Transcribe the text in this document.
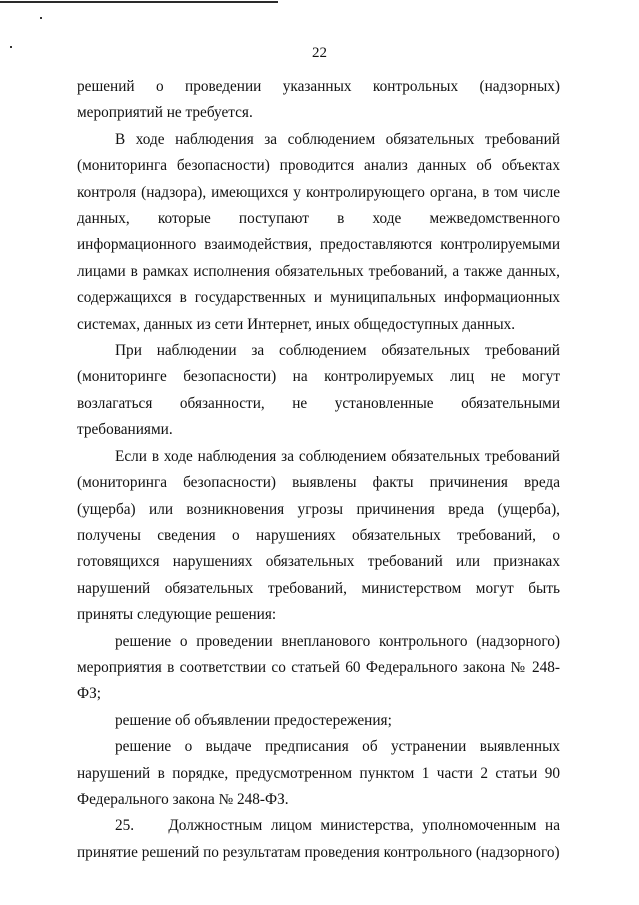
22

решений о проведении указанных контрольных (надзорных) мероприятий не требуется.

В ходе наблюдения за соблюдением обязательных требований (мониторинга безопасности) проводится анализ данных об объектах контроля (надзора), имеющихся у контролирующего органа, в том числе данных, которые поступают в ходе межведомственного информационного взаимодействия, предоставляются контролируемыми лицами в рамках исполнения обязательных требований, а также данных, содержащихся в государственных и муниципальных информационных системах, данных из сети Интернет, иных общедоступных данных.

При наблюдении за соблюдением обязательных требований (мониторинге безопасности) на контролируемых лиц не могут возлагаться обязанности, не установленные обязательными требованиями.

Если в ходе наблюдения за соблюдением обязательных требований (мониторинга безопасности) выявлены факты причинения вреда (ущерба) или возникновения угрозы причинения вреда (ущерба), получены сведения о нарушениях обязательных требований, о готовящихся нарушениях обязательных требований или признаках нарушений обязательных требований, министерством могут быть приняты следующие решения:

решение о проведении внепланового контрольного (надзорного) мероприятия в соответствии со статьей 60 Федерального закона № 248-ФЗ;

решение об объявлении предостережения;

решение о выдаче предписания об устранении выявленных нарушений в порядке, предусмотренном пунктом 1 части 2 статьи 90 Федерального закона № 248-ФЗ.

25.    Должностным лицом министерства, уполномоченным на принятие решений по результатам проведения контрольного (надзорного)
